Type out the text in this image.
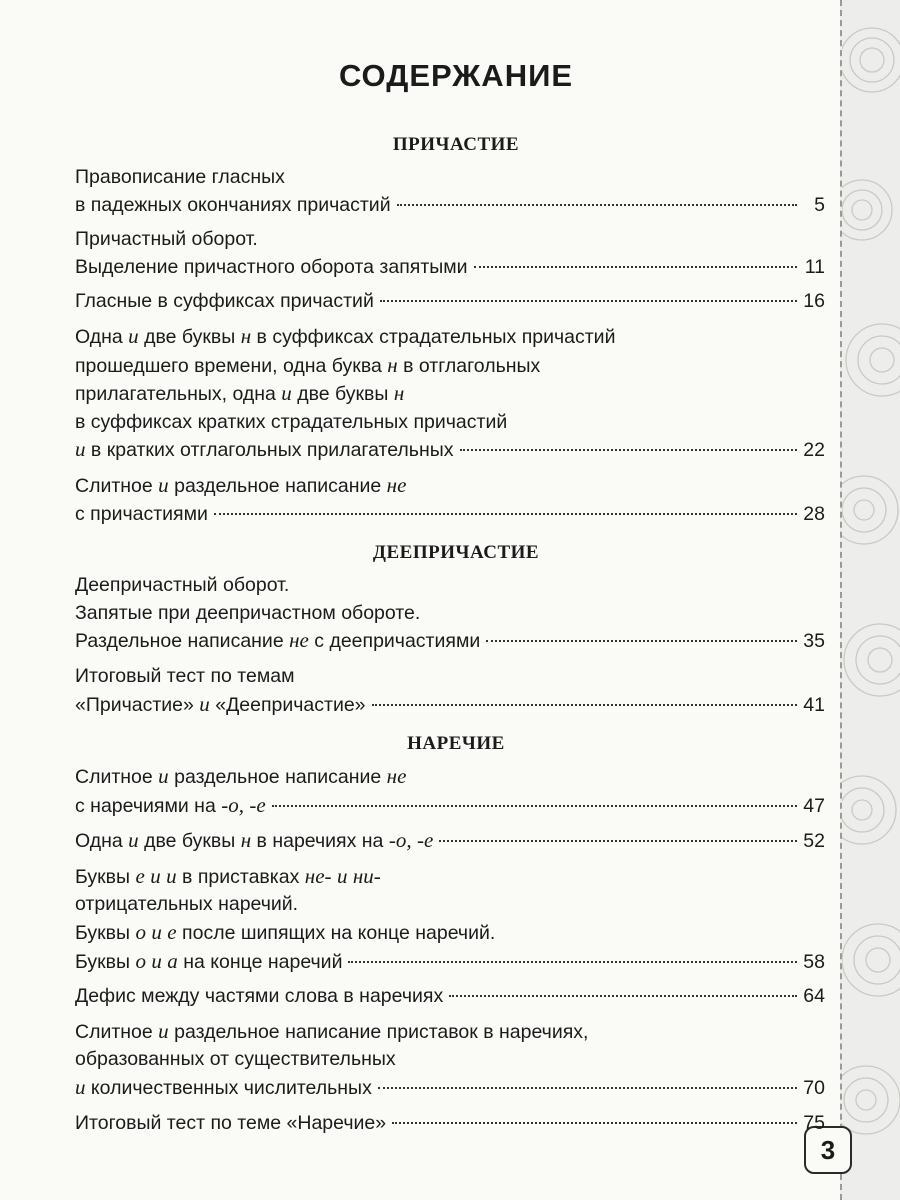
3
СОДЕРЖАНИЕ
ПРИЧАСТИЕ
Правописание гласных
в падежных окончаниях причастий	5
Причастный оборот.
Выделение причастного оборота запятыми	11
Гласные в суффиксах причастий	16
Одна и две буквы н в суффиксах страдательных причастий
прошедшего времени, одна буква н в отглагольных
прилагательных, одна и две буквы н
в суффиксах кратких страдательных причастий
и в кратких отглагольных прилагательных	22
Слитное и раздельное написание не
с причастиями	28
ДЕЕПРИЧАСТИЕ
Деепричастный оборот.
Запятые при деепричастном обороте.
Раздельное написание не с деепричастиями	35
Итоговый тест по темам
«Причастие» и «Деепричастие»	41
НАРЕЧИЕ
Слитное и раздельное написание не
с наречиями на -о, -е	47
Одна и две буквы н в наречиях на -о, -е	52
Буквы е и и в приставках не- и ни-
отрицательных наречий.
Буквы о и е после шипящих на конце наречий.
Буквы о и а на конце наречий	58
Дефис между частями слова в наречиях	64
Слитное и раздельное написание приставок в наречиях,
образованных от существительных
и количественных числительных	70
Итоговый тест по теме «Наречие»	75
